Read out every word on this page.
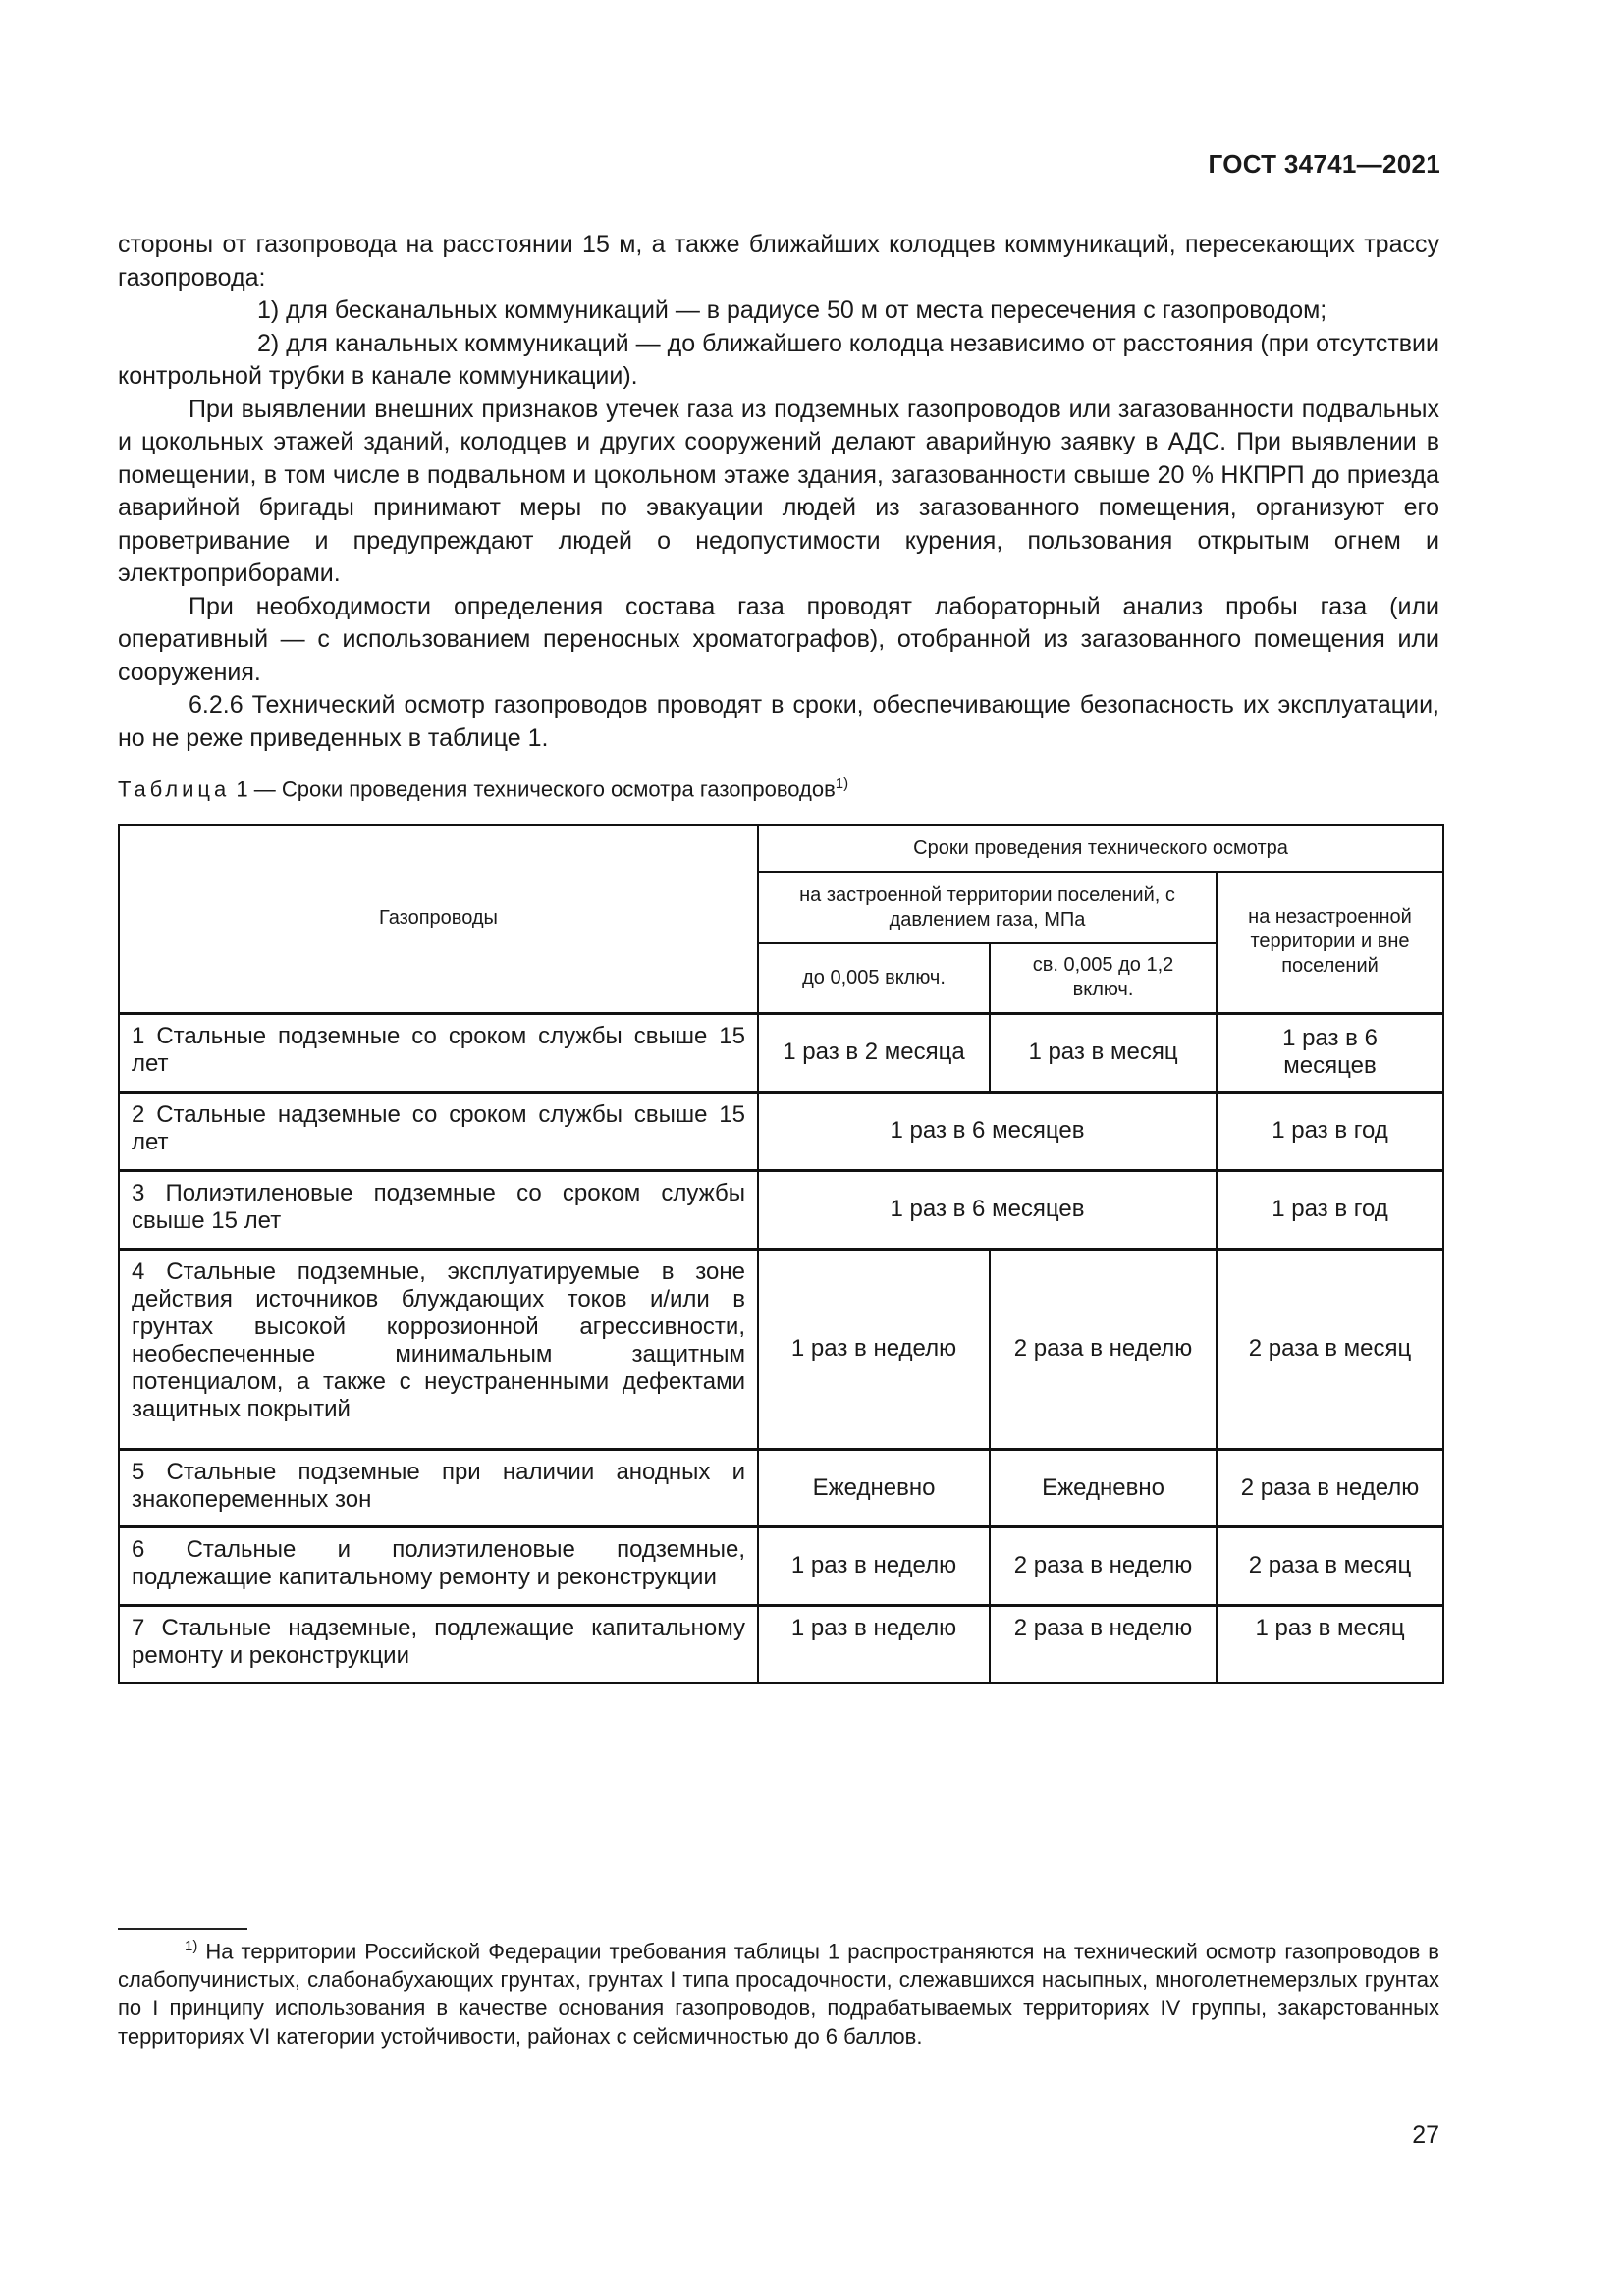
ГОСТ 34741—2021

стороны от газопровода на расстоянии 15 м, а также ближайших колодцев коммуникаций, пересекающих трассу газопровода:

1) для бесканальных коммуникаций — в радиусе 50 м от места пересечения с газопроводом;

2) для канальных коммуникаций — до ближайшего колодца независимо от расстояния (при отсутствии контрольной трубки в канале коммуникации).

При выявлении внешних признаков утечек газа из подземных газопроводов или загазованности подвальных и цокольных этажей зданий, колодцев и других сооружений делают аварийную заявку в АДС. При выявлении в помещении, в том числе в подвальном и цокольном этаже здания, загазованности свыше 20 % НКПРП до приезда аварийной бригады принимают меры по эвакуации людей из загазованного помещения, организуют его проветривание и предупреждают людей о недопустимости курения, пользования открытым огнем и электроприборами.

При необходимости определения состава газа проводят лабораторный анализ пробы газа (или оперативный — с использованием переносных хроматографов), отобранной из загазованного помещения или сооружения.

6.2.6 Технический осмотр газопроводов проводят в сроки, обеспечивающие безопасность их эксплуатации, но не реже приведенных в таблице 1.

Таблица 1 — Сроки проведения технического осмотра газопроводов$^{1)}$
Газопроводы	Сроки проведения технического осмотра		
	на застроенной территории поселений, с давлением газа, МПа		на незастроенной территории и вне поселений
	до 0,005 включ.	св. 0,005 до 1,2 включ.	
1 Стальные подземные со сроком службы свыше 15 лет	1 раз в 2 месяца	1 раз в месяц	1 раз в 6 месяцев
2 Стальные надземные со сроком службы свыше 15 лет	1 раз в 6 месяцев		1 раз в год
3 Полиэтиленовые подземные со сроком службы свыше 15 лет	1 раз в 6 месяцев		1 раз в год
4 Стальные подземные, эксплуатируемые в зоне действия источников блуждающих токов и/или в грунтах высокой коррозионной агрессивности, необеспеченные минимальным защитным потенциалом, а также с неустраненными дефектами защитных покрытий	1 раз в неделю	2 раза в неделю	2 раза в месяц
5 Стальные подземные при наличии анодных и знакопеременных зон	Ежедневно	Ежедневно	2 раза в неделю
6 Стальные и полиэтиленовые подземные, подлежащие капитальному ремонту и реконструкции	1 раз в неделю	2 раза в неделю	2 раза в месяц
7 Стальные надземные, подлежащие капитальному ремонту и реконструкции	1 раз в неделю	2 раза в неделю	1 раз в месяц

$^{1)}$ На территории Российской Федерации требования таблицы 1 распространяются на технический осмотр газопроводов в слабопучинистых, слабонабухающих грунтах, грунтах I типа просадочности, слежавшихся насыпных, многолетнемерзлых грунтах по I принципу использования в качестве основания газопроводов, подрабатываемых территориях IV группы, закарстованных территориях VI категории устойчивости, районах с сейсмичностью до 6 баллов.

27
